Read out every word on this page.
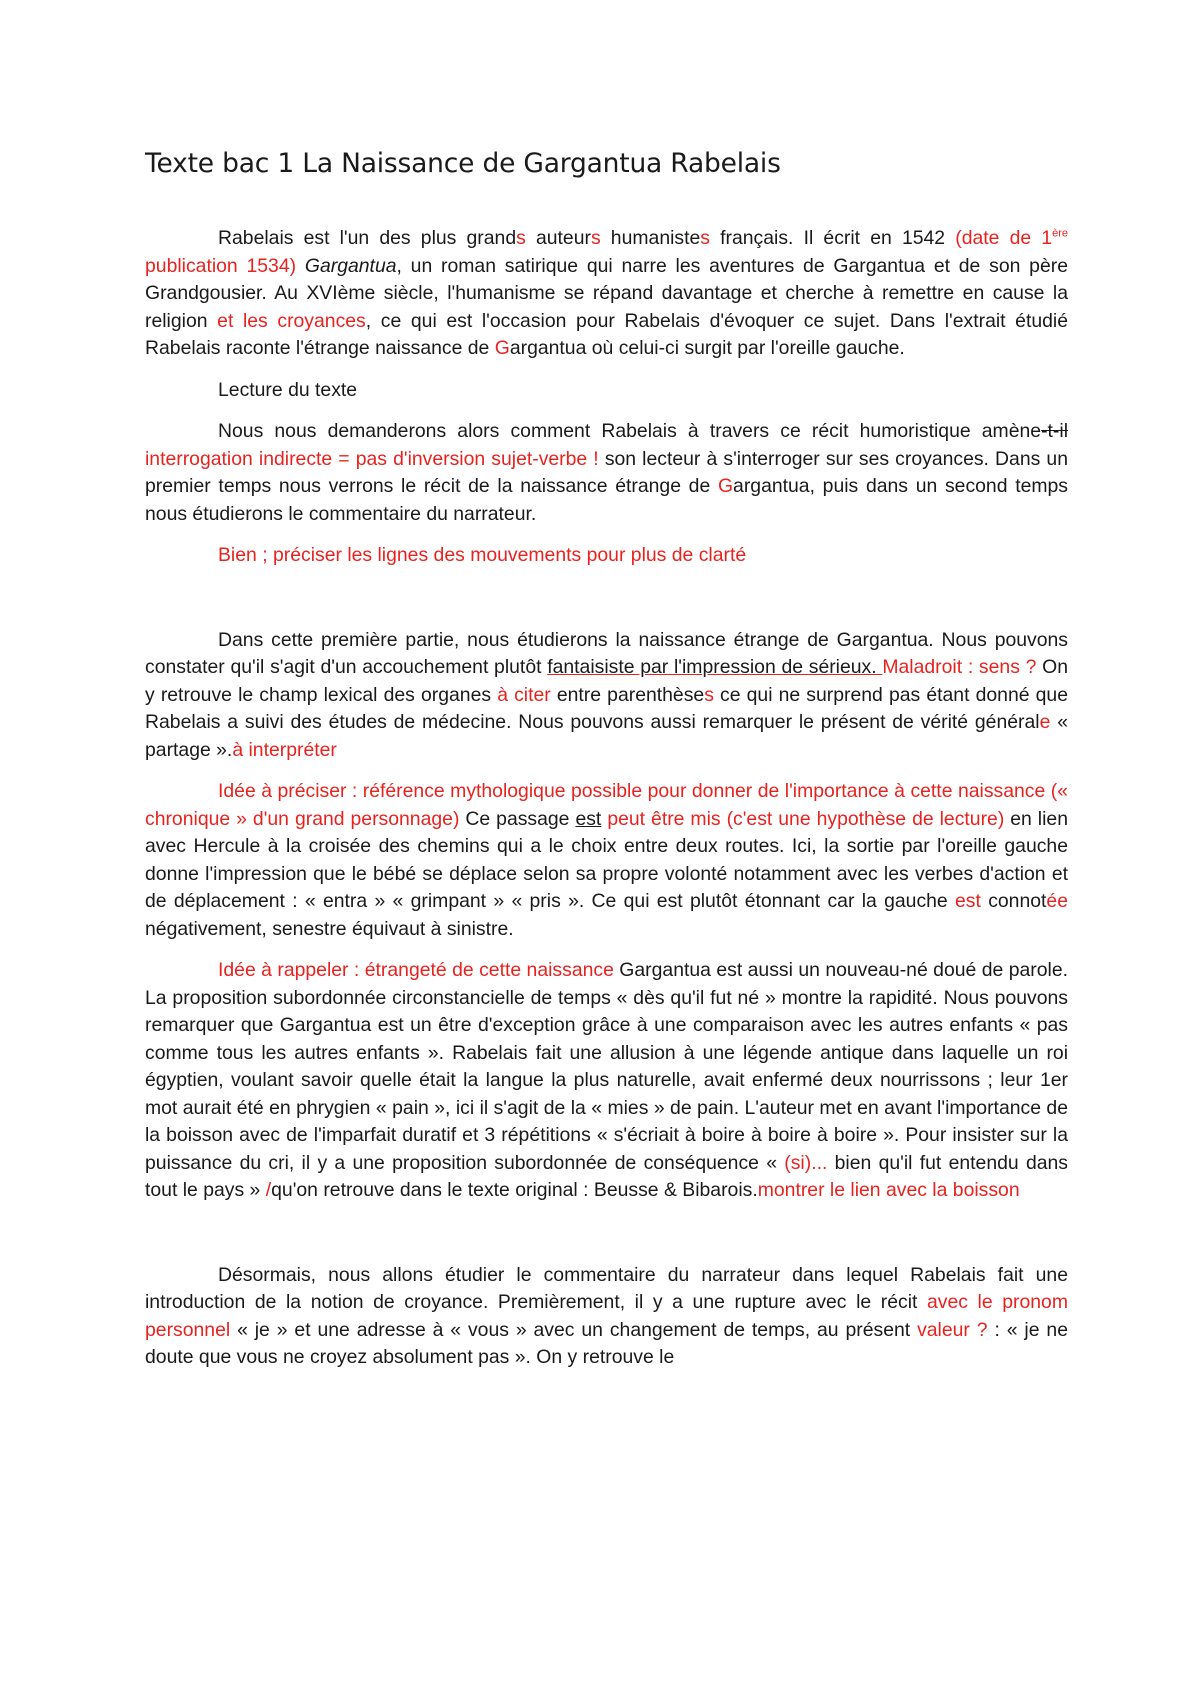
Texte bac 1 La Naissance de Gargantua Rabelais

Rabelais est l'un des plus grands auteurs humanistes français. Il écrit en 1542 (date de 1ère publication 1534) Gargantua, un roman satirique qui narre les aventures de Gargantua et de son père Grandgousier. Au XVIème siècle, l'humanisme se répand davantage et cherche à remettre en cause la religion et les croyances, ce qui est l'occasion pour Rabelais d'évoquer ce sujet. Dans l'extrait étudié Rabelais raconte l'étrange naissance de Gargantua où celui-ci surgit par l'oreille gauche.

Lecture du texte

Nous nous demanderons alors comment Rabelais à travers ce récit humoristique amène-t-il interrogation indirecte = pas d'inversion sujet-verbe ! son lecteur à s'interroger sur ses croyances. Dans un premier temps nous verrons le récit de la naissance étrange de Gargantua, puis dans un second temps nous étudierons le commentaire du narrateur.

Bien ; préciser les lignes des mouvements pour plus de clarté

Dans cette première partie, nous étudierons la naissance étrange de Gargantua. Nous pouvons constater qu'il s'agit d'un accouchement plutôt fantaisiste par l'impression de sérieux. Maladroit : sens ? On y retrouve le champ lexical des organes à citer entre parenthèses ce qui ne surprend pas étant donné que Rabelais a suivi des études de médecine. Nous pouvons aussi remarquer le présent de vérité générale « partage ».à interpréter

Idée à préciser : référence mythologique possible pour donner de l'importance à cette naissance (« chronique » d'un grand personnage) Ce passage est peut être mis (c'est une hypothèse de lecture) en lien avec Hercule à la croisée des chemins qui a le choix entre deux routes. Ici, la sortie par l'oreille gauche donne l'impression que le bébé se déplace selon sa propre volonté notamment avec les verbes d'action et de déplacement : « entra » « grimpant » « pris ». Ce qui est plutôt étonnant car la gauche est connotée négativement, senestre équivaut à sinistre.

Idée à rappeler : étrangeté de cette naissance Gargantua est aussi un nouveau-né doué de parole. La proposition subordonnée circonstancielle de temps « dès qu'il fut né » montre la rapidité. Nous pouvons remarquer que Gargantua est un être d'exception grâce à une comparaison avec les autres enfants « pas comme tous les autres enfants ». Rabelais fait une allusion à une légende antique dans laquelle un roi égyptien, voulant savoir quelle était la langue la plus naturelle, avait enfermé deux nourrissons ; leur 1er mot aurait été en phrygien « pain », ici il s'agit de la « mies » de pain. L'auteur met en avant l'importance de la boisson avec de l'imparfait duratif et 3 répétitions « s'écriait à boire à boire à boire ». Pour insister sur la puissance du cri, il y a une proposition subordonnée de conséquence « (si)... bien qu'il fut entendu dans tout le pays » /qu'on retrouve dans le texte original : Beusse & Bibarois.montrer le lien avec la boisson

Désormais, nous allons étudier le commentaire du narrateur dans lequel Rabelais fait une introduction de la notion de croyance. Premièrement, il y a une rupture avec le récit avec le pronom personnel « je » et une adresse à « vous » avec un changement de temps, au présent valeur ? : « je ne doute que vous ne croyez absolument pas ». On y retrouve le
